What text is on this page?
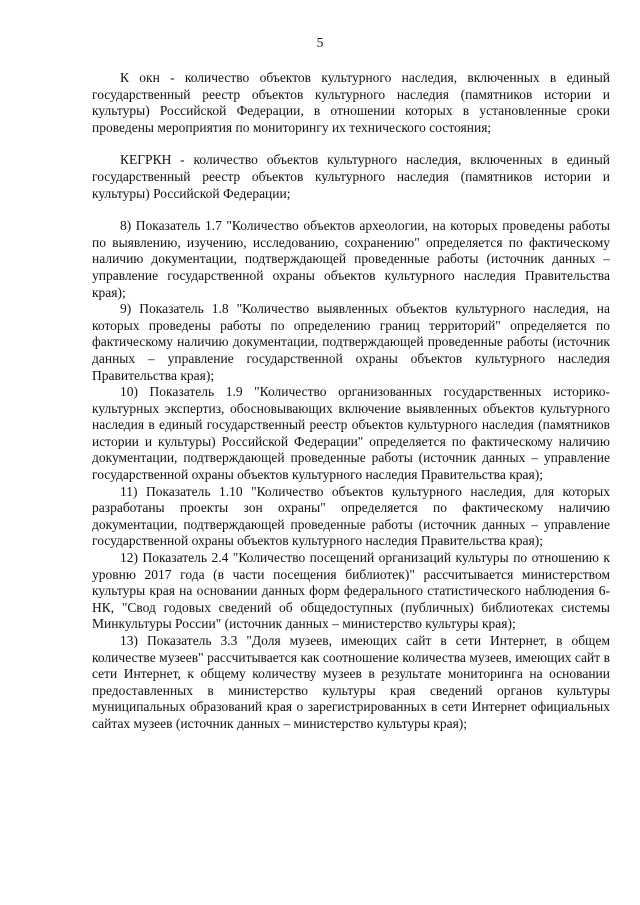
5

К окн - количество объектов культурного наследия, включенных в единый государственный реестр объектов культурного наследия (памятников истории и культуры) Российской Федерации, в отношении которых в установленные сроки проведены мероприятия по мониторингу их технического состояния;

КЕГРКН - количество объектов культурного наследия, включенных в единый государственный реестр объектов культурного наследия (памятников истории и культуры) Российской Федерации;

8) Показатель 1.7 "Количество объектов археологии, на которых проведены работы по выявлению, изучению, исследованию, сохранению" определяется по фактическому наличию документации, подтверждающей проведенные работы (источник данных – управление государственной охраны объектов культурного наследия Правительства края);

9) Показатель 1.8 "Количество выявленных объектов культурного наследия, на которых проведены работы по определению границ территорий" определяется по фактическому наличию документации, подтверждающей проведенные работы (источник данных – управление государственной охраны объектов культурного наследия Правительства края);

10) Показатель 1.9 "Количество организованных государственных историко-культурных экспертиз, обосновывающих включение выявленных объектов культурного наследия в единый государственный реестр объектов культурного наследия (памятников истории и культуры) Российской Федерации" определяется по фактическому наличию документации, подтверждающей проведенные работы (источник данных – управление государственной охраны объектов культурного наследия Правительства края);

11) Показатель 1.10 "Количество объектов культурного наследия, для которых разработаны проекты зон охраны" определяется по фактическому наличию документации, подтверждающей проведенные работы (источник данных – управление государственной охраны объектов культурного наследия Правительства края);

12) Показатель 2.4 "Количество посещений организаций культуры по отношению к уровню 2017 года (в части посещения библиотек)" рассчитывается министерством культуры края на основании данных форм федерального статистического наблюдения 6-НК, "Свод годовых сведений об общедоступных (публичных) библиотеках системы Минкультуры России" (источник данных – министерство культуры края);

13) Показатель 3.3 "Доля музеев, имеющих сайт в сети Интернет, в общем количестве музеев" рассчитывается как соотношение количества музеев, имеющих сайт в сети Интернет, к общему количеству музеев в результате мониторинга на основании предоставленных в министерство культуры края сведений органов культуры муниципальных образований края о зарегистрированных в сети Интернет официальных сайтах музеев (источник данных – министерство культуры края);
